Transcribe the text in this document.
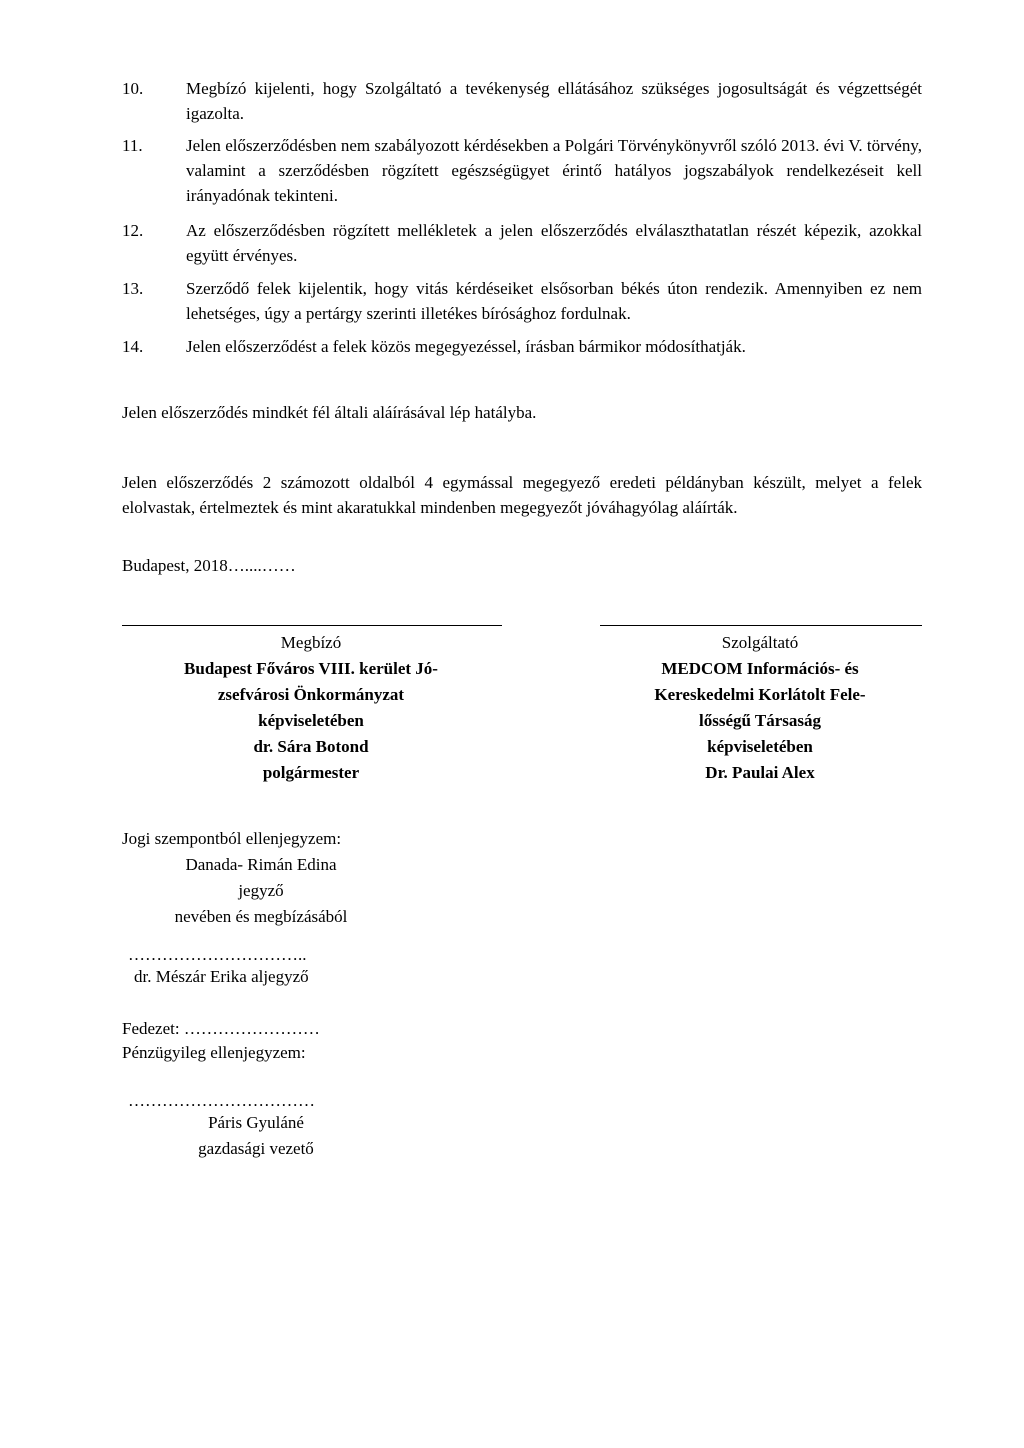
10.	Megbízó kijelenti, hogy Szolgáltató a tevékenység ellátásához szükséges jogosultságát és végzettségét igazolta.
11.	Jelen előszerződésben nem szabályozott kérdésekben a Polgári Törvénykönyvről szóló 2013. évi V. törvény, valamint a szerződésben rögzített egészségügyet érintő hatályos jogszabályok rendelkezéseit kell irányadónak tekinteni.
12.	Az előszerződésben rögzített mellékletek a jelen előszerződés elválaszthatatlan részét képezik, azokkal együtt érvényes.
13.	Szerződő felek kijelentik, hogy vitás kérdéseiket elsősorban békés úton rendezik. Amennyiben ez nem lehetséges, úgy a pertárgy szerinti illetékes bírósághoz fordulnak.
14.	Jelen előszerződést a felek közös megegyezéssel, írásban bármikor módosíthatják.
Jelen előszerződés mindkét fél általi aláírásával lép hatályba.
Jelen előszerződés 2 számozott oldalból 4 egymással megegyező eredeti példányban készült, melyet a felek elolvastak, értelmeztek és mint akaratukkal mindenben megegyezőt jóváhagyólag aláírták.
Budapest, 2018…....……
Megbízó
Budapest Főváros VIII. kerület Jó-
zsefvárosi Önkormányzat
képviseletében
dr. Sára Botond
polgármester
Szolgáltató
MEDCOM Információs- és
Kereskedelmi Korlátolt Fele-
lősségű Társaság
képviseletében
Dr. Paulai Alex
Jogi szempontból ellenjegyzem:
Danada- Rimán Edina
jegyző
nevében és megbízásából
…………………………..
dr. Mészár Erika aljegyző
Fedezet: ……………………
Pénzügyileg ellenjegyzem:
……………………………
Páris Gyuláné
gazdasági vezető
